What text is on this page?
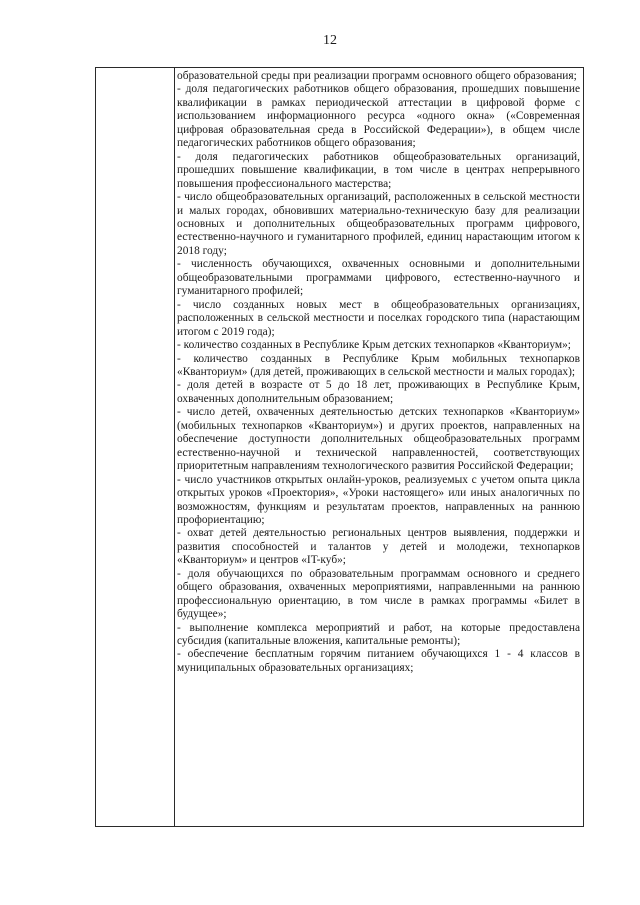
12

образовательной среды при реализации программ основного общего образования;

- доля педагогических работников общего образования, прошедших повышение квалификации в рамках периодической аттестации в цифровой форме с использованием информационного ресурса «одного окна» («Современная цифровая образовательная среда в Российской Федерации»), в общем числе педагогических работников общего образования;

- доля педагогических работников общеобразовательных организаций, прошедших повышение квалификации, в том числе в центрах непрерывного повышения профессионального мастерства;

- число общеобразовательных организаций, расположенных в сельской местности и малых городах, обновивших материально-техническую базу для реализации основных и дополнительных общеобразовательных программ цифрового, естественно-научного и гуманитарного профилей, единиц нарастающим итогом к 2018 году;

- численность обучающихся, охваченных основными и дополнительными общеобразовательными программами цифрового, естественно-научного и гуманитарного профилей;

- число созданных новых мест в общеобразовательных организациях, расположенных в сельской местности и поселках городского типа (нарастающим итогом с 2019 года);

- количество созданных в Республике Крым детских технопарков «Кванториум»;

- количество созданных в Республике Крым мобильных технопарков «Кванториум» (для детей, проживающих в сельской местности и малых городах);

- доля детей в возрасте от 5 до 18 лет, проживающих в Республике Крым, охваченных дополнительным образованием;

- число детей, охваченных деятельностью детских технопарков «Кванториум» (мобильных технопарков «Кванториум») и других проектов, направленных на обеспечение доступности дополнительных общеобразовательных программ естественно-научной и технической направленностей, соответствующих приоритетным направлениям технологического развития Российской Федерации;

- число участников открытых онлайн-уроков, реализуемых с учетом опыта цикла открытых уроков «Проектория», «Уроки настоящего» или иных аналогичных по возможностям, функциям и результатам проектов, направленных на раннюю профориентацию;

- охват детей деятельностью региональных центров выявления, поддержки и развития способностей и талантов у детей и молодежи, технопарков «Кванториум» и центров «IT-куб»;

- доля обучающихся по образовательным программам основного и среднего общего образования, охваченных мероприятиями, направленными на раннюю профессиональную ориентацию, в том числе в рамках программы «Билет в будущее»;

- выполнение комплекса мероприятий и работ, на которые предоставлена субсидия (капитальные вложения, капитальные ремонты);

- обеспечение бесплатным горячим питанием обучающихся 1 - 4 классов в муниципальных образовательных организациях;
